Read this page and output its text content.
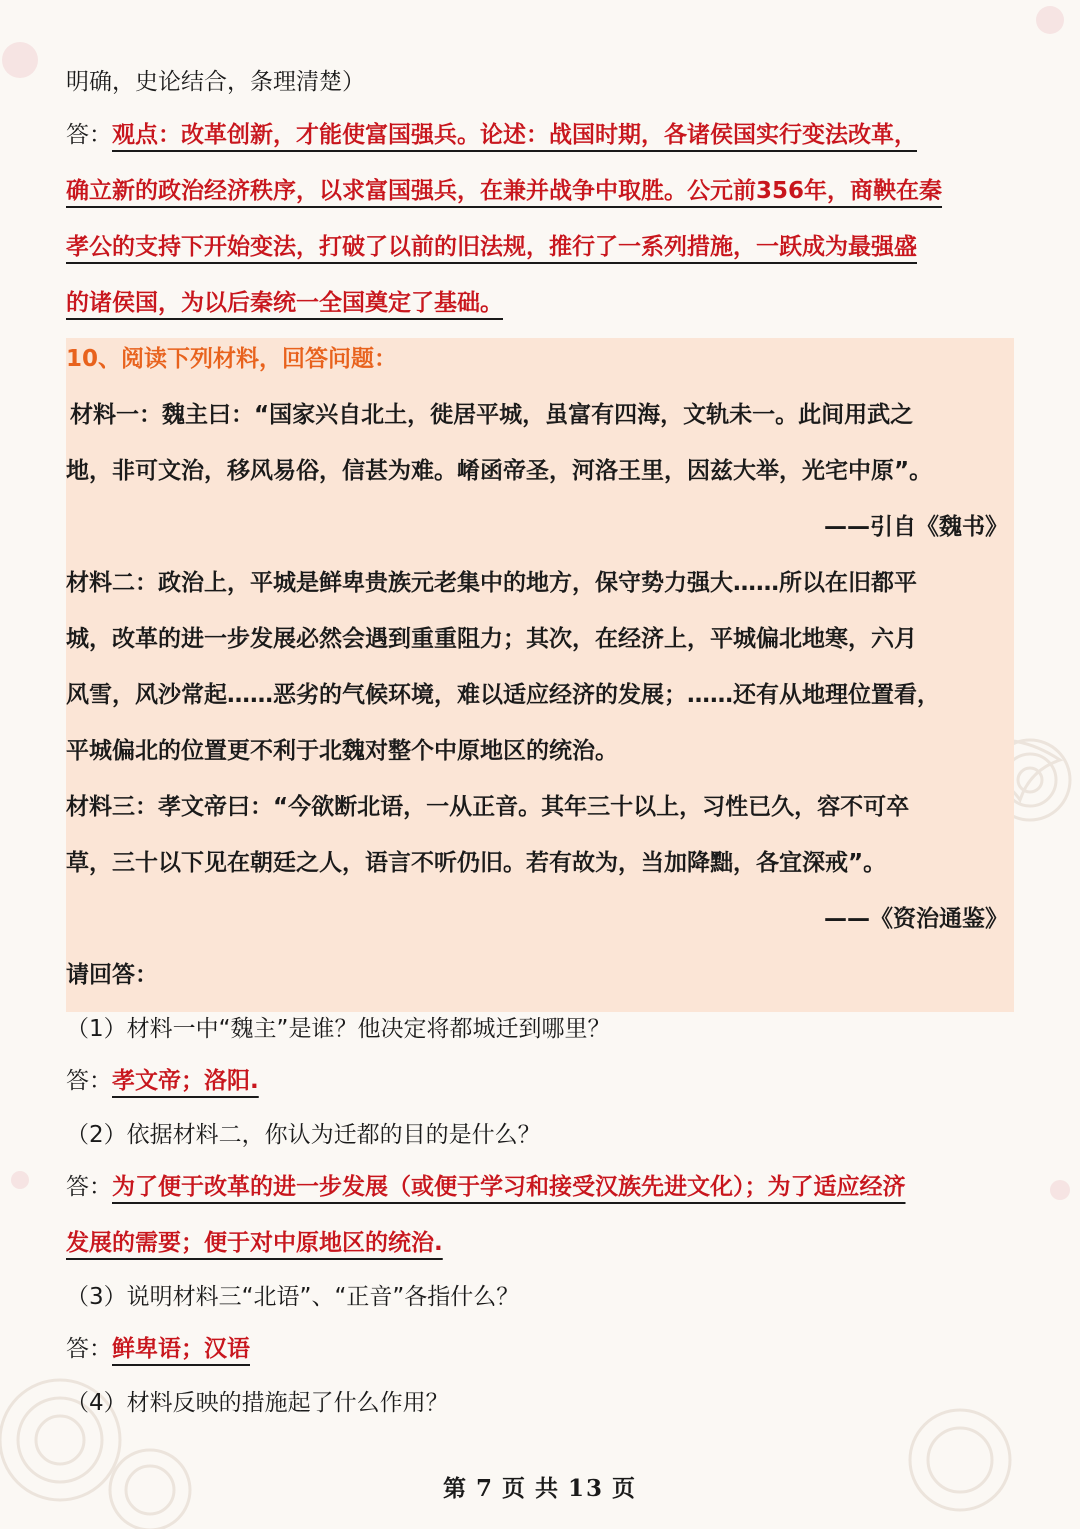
明确，史论结合，条理清楚）
答：观点：改革创新，才能使富国强兵。论述：战国时期，各诸侯国实行变法改革，
确立新的政治经济秩序，以求富国强兵，在兼并战争中取胜。公元前356年，商鞅在秦
孝公的支持下开始变法，打破了以前的旧法规，推行了一系列措施，一跃成为最强盛
的诸侯国，为以后秦统一全国奠定了基础。
10、阅读下列材料，回答问题：
材料一：魏主曰：“国家兴自北土，徙居平城，虽富有四海，文轨未一。此间用武之
地，非可文治，移风易俗，信甚为难。崤函帝圣，河洛王里，因兹大举，光宅中原”。
——引自《魏书》
材料二：政治上，平城是鲜卑贵族元老集中的地方，保守势力强大……所以在旧都平
城，改革的进一步发展必然会遇到重重阻力；其次，在经济上，平城偏北地寒，六月
风雪，风沙常起……恶劣的气候环境，难以适应经济的发展；……还有从地理位置看，
平城偏北的位置更不利于北魏对整个中原地区的统治。
材料三：孝文帝曰：“今欲断北语，一从正音。其年三十以上，习性已久，容不可卒
草，三十以下见在朝廷之人，语言不听仍旧。若有故为，当加降黜，各宜深戒”。
——《资治通鉴》
请回答：
（1）材料一中“魏主”是谁？他决定将都城迁到哪里？
答：孝文帝；洛阳.
（2）依据材料二，你认为迁都的目的是什么？
答：为了便于改革的进一步发展（或便于学习和接受汉族先进文化）；为了适应经济
发展的需要；便于对中原地区的统治.
（3）说明材料三“北语”、“正音”各指什么？
答：鲜卑语；汉语
（4）材料反映的措施起了什么作用？
第 7 页 共 13 页
